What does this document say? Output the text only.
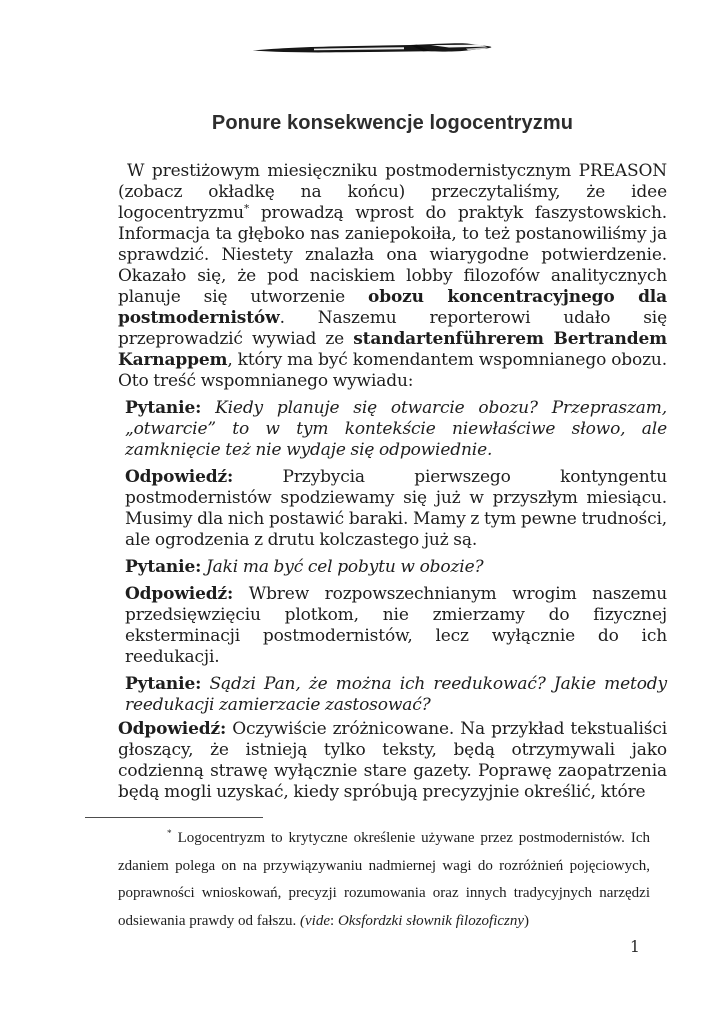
Ponure konsekwencje logocentryzmu

W prestiżowym miesięczniku postmodernistycznym PREASON (zobacz okładkę na końcu) przeczytaliśmy, że idee logocentryzmu* prowadzą wprost do praktyk faszystowskich. Informacja ta głęboko nas zaniepokoiła, to też postanowiliśmy ja sprawdzić. Niestety znalazła ona wiarygodne potwierdzenie. Okazało się, że pod naciskiem lobby filozofów analitycznych planuje się utworzenie obozu koncentracyjnego dla postmodernistów. Naszemu reporterowi udało się przeprowadzić wywiad ze standartenführerem Bertrandem Karnappem, który ma być komendantem wspomnianego obozu. Oto treść wspomnianego wywiadu:

Pytanie: Kiedy planuje się otwarcie obozu? Przepraszam, „otwarcie” to w tym kontekście niewłaściwe słowo, ale zamknięcie też nie wydaje się odpowiednie.

Odpowiedź: Przybycia pierwszego kontyngentu postmodernistów spodziewamy się już w przyszłym miesiącu. Musimy dla nich postawić baraki. Mamy z tym pewne trudności, ale ogrodzenia z drutu kolczastego już są.

Pytanie: Jaki ma być cel pobytu w obozie?

Odpowiedź: Wbrew rozpowszechnianym wrogim naszemu przedsięwzięciu plotkom, nie zmierzamy do fizycznej eksterminacji postmodernistów, lecz wyłącznie do ich reedukacji.

Pytanie: Sądzi Pan, że można ich reedukować? Jakie metody reedukacji zamierzacie zastosować?

Odpowiedź: Oczywiście zróżnicowane. Na przykład tekstualiści głoszący, że istnieją tylko teksty, będą otrzymywali jako codzienną strawę wyłącznie stare gazety. Poprawę zaopatrzenia będą mogli uzyskać, kiedy spróbują precyzyjnie określić, które

* Logocentryzm to krytyczne określenie używane przez postmodernistów. Ich zdaniem polega on na przywiązywaniu nadmiernej wagi do rozróżnień pojęciowych, poprawności wnioskowań, precyzji rozumowania oraz innych tradycyjnych narzędzi odsiewania prawdy od fałszu. (vide: Oksfordzki słownik filozoficzny)

1
